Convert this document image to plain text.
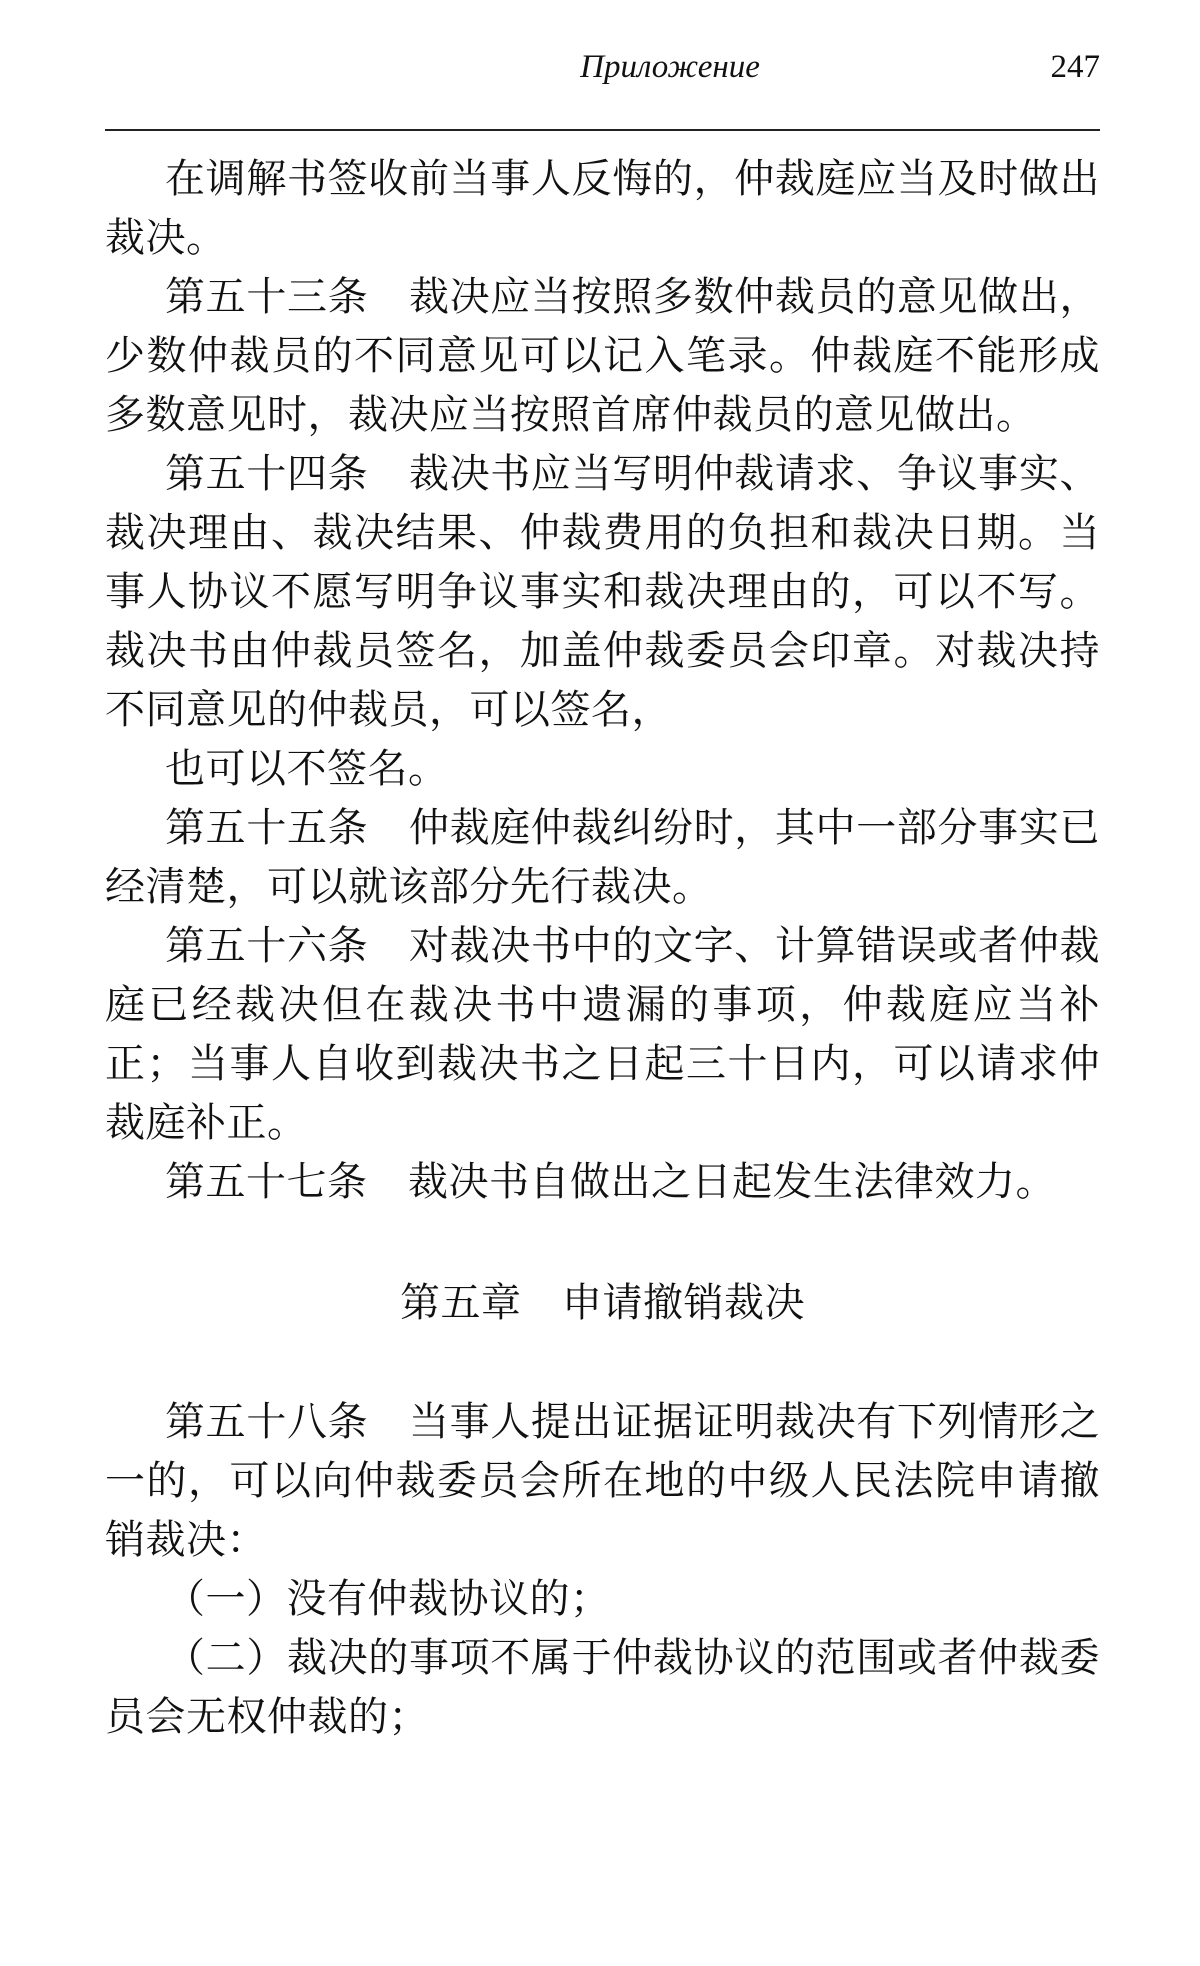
Приложение	247

在调解书签收前当事人反悔的，仲裁庭应当及时做出裁决。

第五十三条　裁决应当按照多数仲裁员的意见做出，少数仲裁员的不同意见可以记入笔录。仲裁庭不能形成多数意见时，裁决应当按照首席仲裁员的意见做出。

第五十四条　裁决书应当写明仲裁请求、争议事实、裁决理由、裁决结果、仲裁费用的负担和裁决日期。当事人协议不愿写明争议事实和裁决理由的，可以不写。裁决书由仲裁员签名，加盖仲裁委员会印章。对裁决持不同意见的仲裁员，可以签名，

也可以不签名。

第五十五条　仲裁庭仲裁纠纷时，其中一部分事实已经清楚，可以就该部分先行裁决。

第五十六条　对裁决书中的文字、计算错误或者仲裁庭已经裁决但在裁决书中遗漏的事项，仲裁庭应当补正；当事人自收到裁决书之日起三十日内，可以请求仲裁庭补正。

第五十七条　裁决书自做出之日起发生法律效力。

第五章　申请撤销裁决

第五十八条　当事人提出证据证明裁决有下列情形之一的，可以向仲裁委员会所在地的中级人民法院申请撤销裁决：

（一）没有仲裁协议的；

（二）裁决的事项不属于仲裁协议的范围或者仲裁委员会无权仲裁的；
